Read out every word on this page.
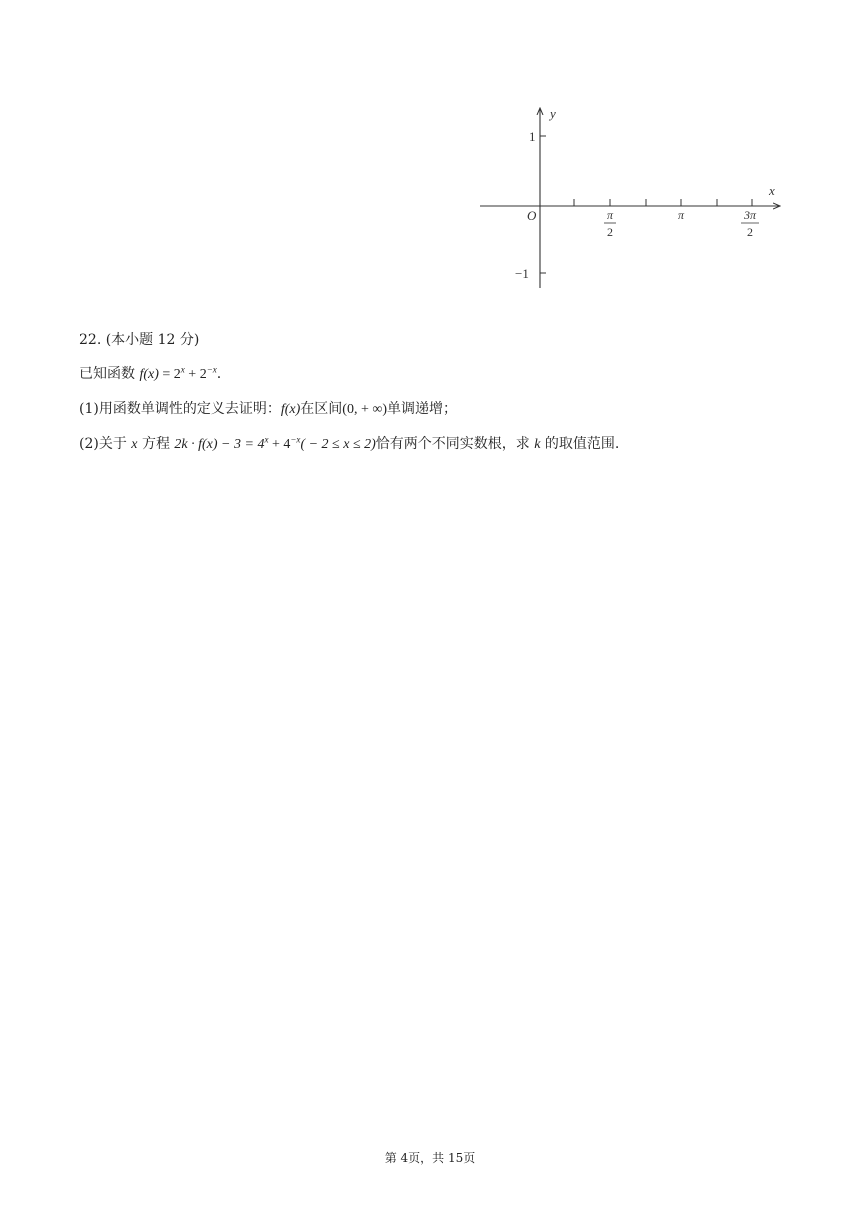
y
x
O
1
−1
π
2
π	3π
2
22. (本小题 12 分)
已知函数 $f(x) = 2^x + 2^{-x}$.
(1)用函数单调性的定义去证明：f(x)在区间(0, + ∞)单调递增；
(2)关于 x 方程 $2k \cdot f(x) - 3 = 4^x + 4^{-x}( - 2 \le x \le 2)$恰有两个不同实数根，求 k 的取值范围.
第 4页，共 15页
